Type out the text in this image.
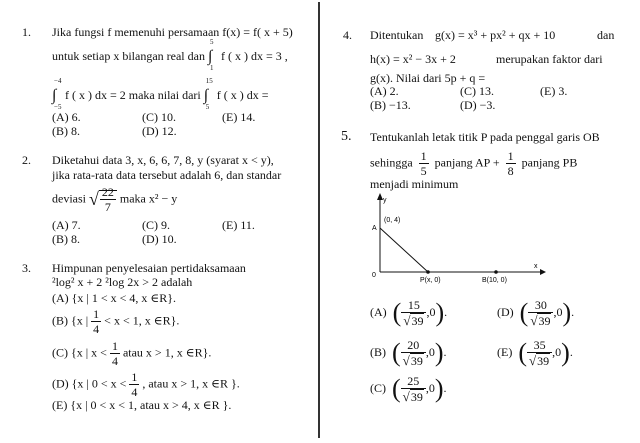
1. Jika fungsi f memenuhi persamaan f(x) = f( x + 5)
untuk setiap x bilangan real dan ∫
5
1
f ( x ) dx = 3 ,
∫
−4
−5
f ( x ) dx = 2 maka nilai dari ∫
15
5
f ( x ) dx =
(A) 6.	(C) 10.	(E) 14.
(B) 8.	(D) 12.
2. Diketahui data 3, x, 6, 6, 7, 8, y (syarat x < y),
jika rata-rata data tersebut adalah 6, dan standar
deviasi √ $\frac{22}{7}$ maka x² − y
(A) 7.	(C) 9.	(E) 11.
(B) 8.	(D) 10.
3. Himpunan penyelesaian pertidaksamaan
²log² x + 2 ²log 2x > 2 adalah
(A) {x | 1 < x < 4, x ∈R}.
(B) {x | $\frac{1}{4} < x < 1$, x ∈R}.
(C) {x | $x < \frac{1}{4}$ atau x > 1, x ∈R}.
(D) {x | $0 < x < \frac{1}{4}$ , atau x > 1, x ∈R }.
(E) {x | 0 < x < 1, atau x > 4, x ∈R }.
4. Ditentukan g(x) = x³ + px² + qx + 10	dan
h(x) = x² − 3x + 2	merupakan faktor dari
g(x). Nilai dari 5p + q =
(A) 2.	(C) 13.	(E) 3.
(B) −13.	(D) −3.
5. Tentukanlah letak titik P pada penggal garis OB
sehingga $\frac{1}{5}$ panjang AP + $\frac{1}{8}$ panjang PB
menjadi minimum
y
x
0
A
(0, 4)
P(x, 0)	B(10, 0)
(A) ( $\frac{15}{√39} ,0$).	(D) ( $\frac{30}{√39} ,0$).
(B) ( $\frac{20}{√39} ,0$).	(E) ( $\frac{35}{√39} ,0$).
(C) ( $\frac{25}{√39} ,0$).
